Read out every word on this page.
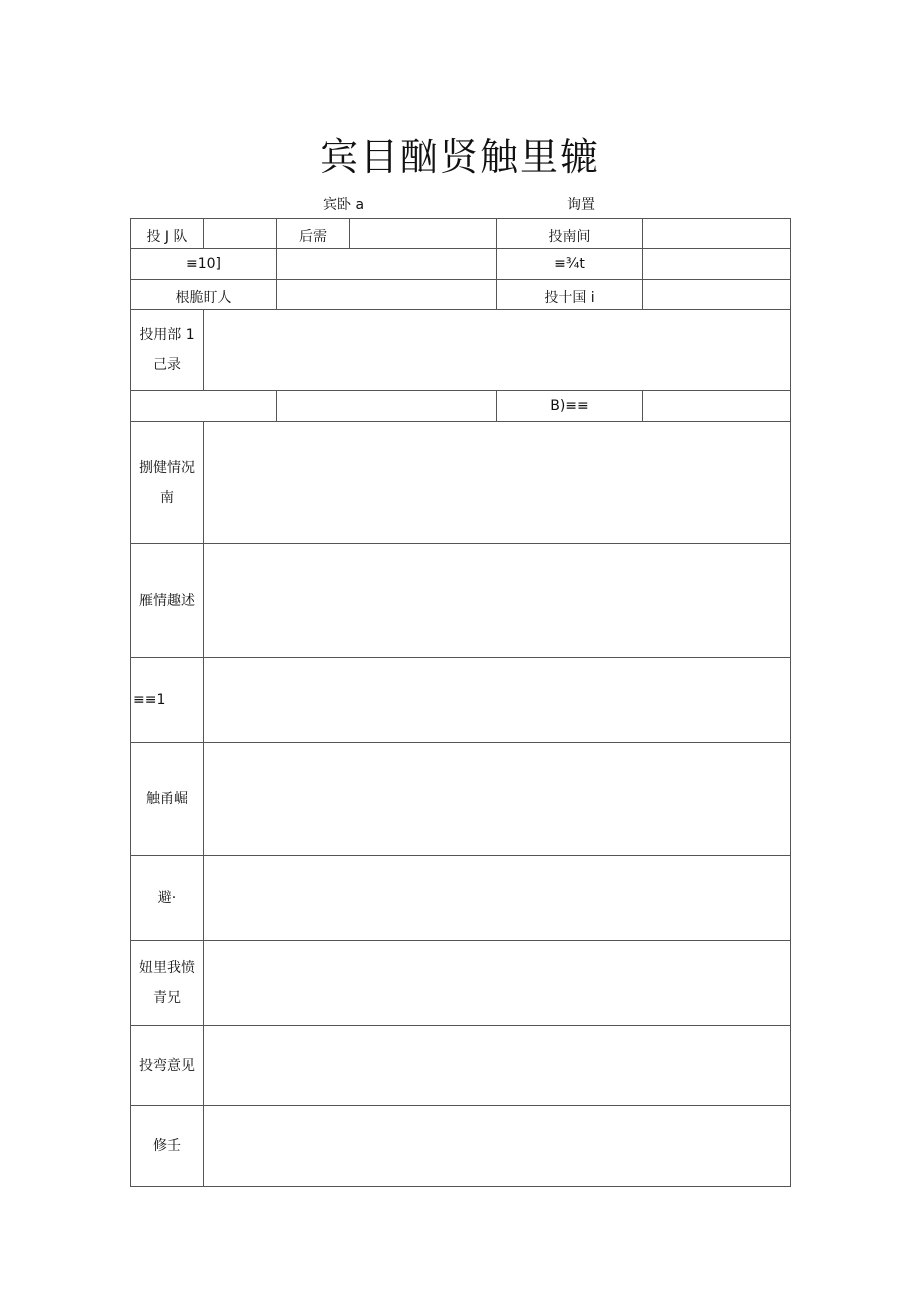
宾目酗贤触里辘
宾卧 a	询置
投 J 队		后需		投南间	
≡10]				≡¾t	
根脆盯人				投十国 i	

投用部 1
己录					

				B)≡≡	

捌健情况
南					

雁情趣述					
≡≡1					
触甬崛					
避·					

妞里我愤
青兄					

投弯意见					
修壬					
